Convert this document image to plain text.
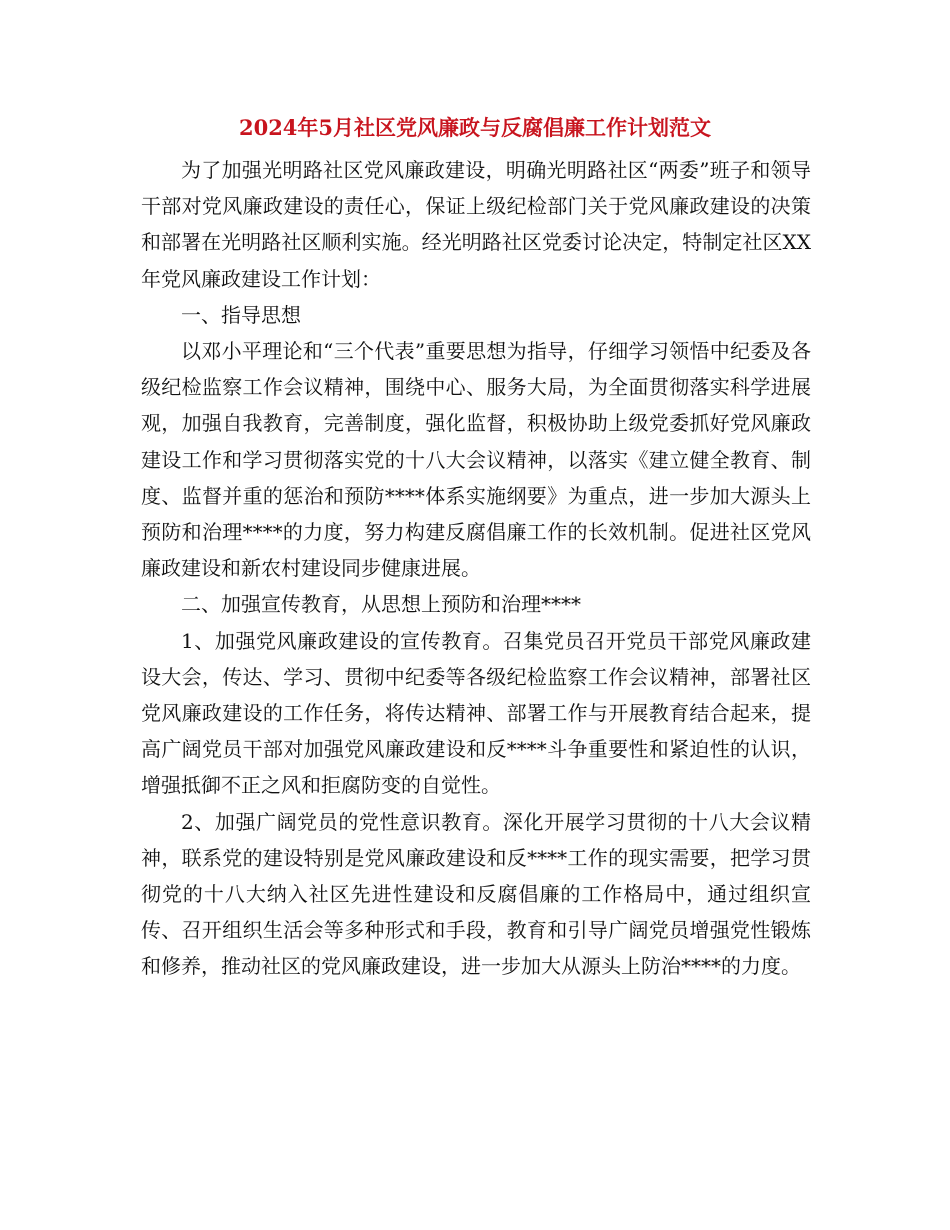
2024年5月社区党风廉政与反腐倡廉工作计划范文

为了加强光明路社区党风廉政建设，明确光明路社区“两委”班子和领导干部对党风廉政建设的责任心，保证上级纪检部门关于党风廉政建设的决策和部署在光明路社区顺利实施。经光明路社区党委讨论决定，特制定社区XX年党风廉政建设工作计划：

一、指导思想

以邓小平理论和“三个代表”重要思想为指导，仔细学习领悟中纪委及各级纪检监察工作会议精神，围绕中心、服务大局，为全面贯彻落实科学进展观，加强自我教育，完善制度，强化监督，积极协助上级党委抓好党风廉政建设工作和学习贯彻落实党的十八大会议精神，以落实《建立健全教育、制度、监督并重的惩治和预防****体系实施纲要》为重点，进一步加大源头上预防和治理****的力度，努力构建反腐倡廉工作的长效机制。促进社区党风廉政建设和新农村建设同步健康进展。

二、加强宣传教育，从思想上预防和治理****

1、加强党风廉政建设的宣传教育。召集党员召开党员干部党风廉政建设大会，传达、学习、贯彻中纪委等各级纪检监察工作会议精神，部署社区党风廉政建设的工作任务，将传达精神、部署工作与开展教育结合起来，提高广阔党员干部对加强党风廉政建设和反****斗争重要性和紧迫性的认识，增强抵御不正之风和拒腐防变的自觉性。

2、加强广阔党员的党性意识教育。深化开展学习贯彻的十八大会议精神，联系党的建设特别是党风廉政建设和反****工作的现实需要，把学习贯彻党的十八大纳入社区先进性建设和反腐倡廉的工作格局中，通过组织宣传、召开组织生活会等多种形式和手段，教育和引导广阔党员增强党性锻炼和修养，推动社区的党风廉政建设，进一步加大从源头上防治****的力度。
